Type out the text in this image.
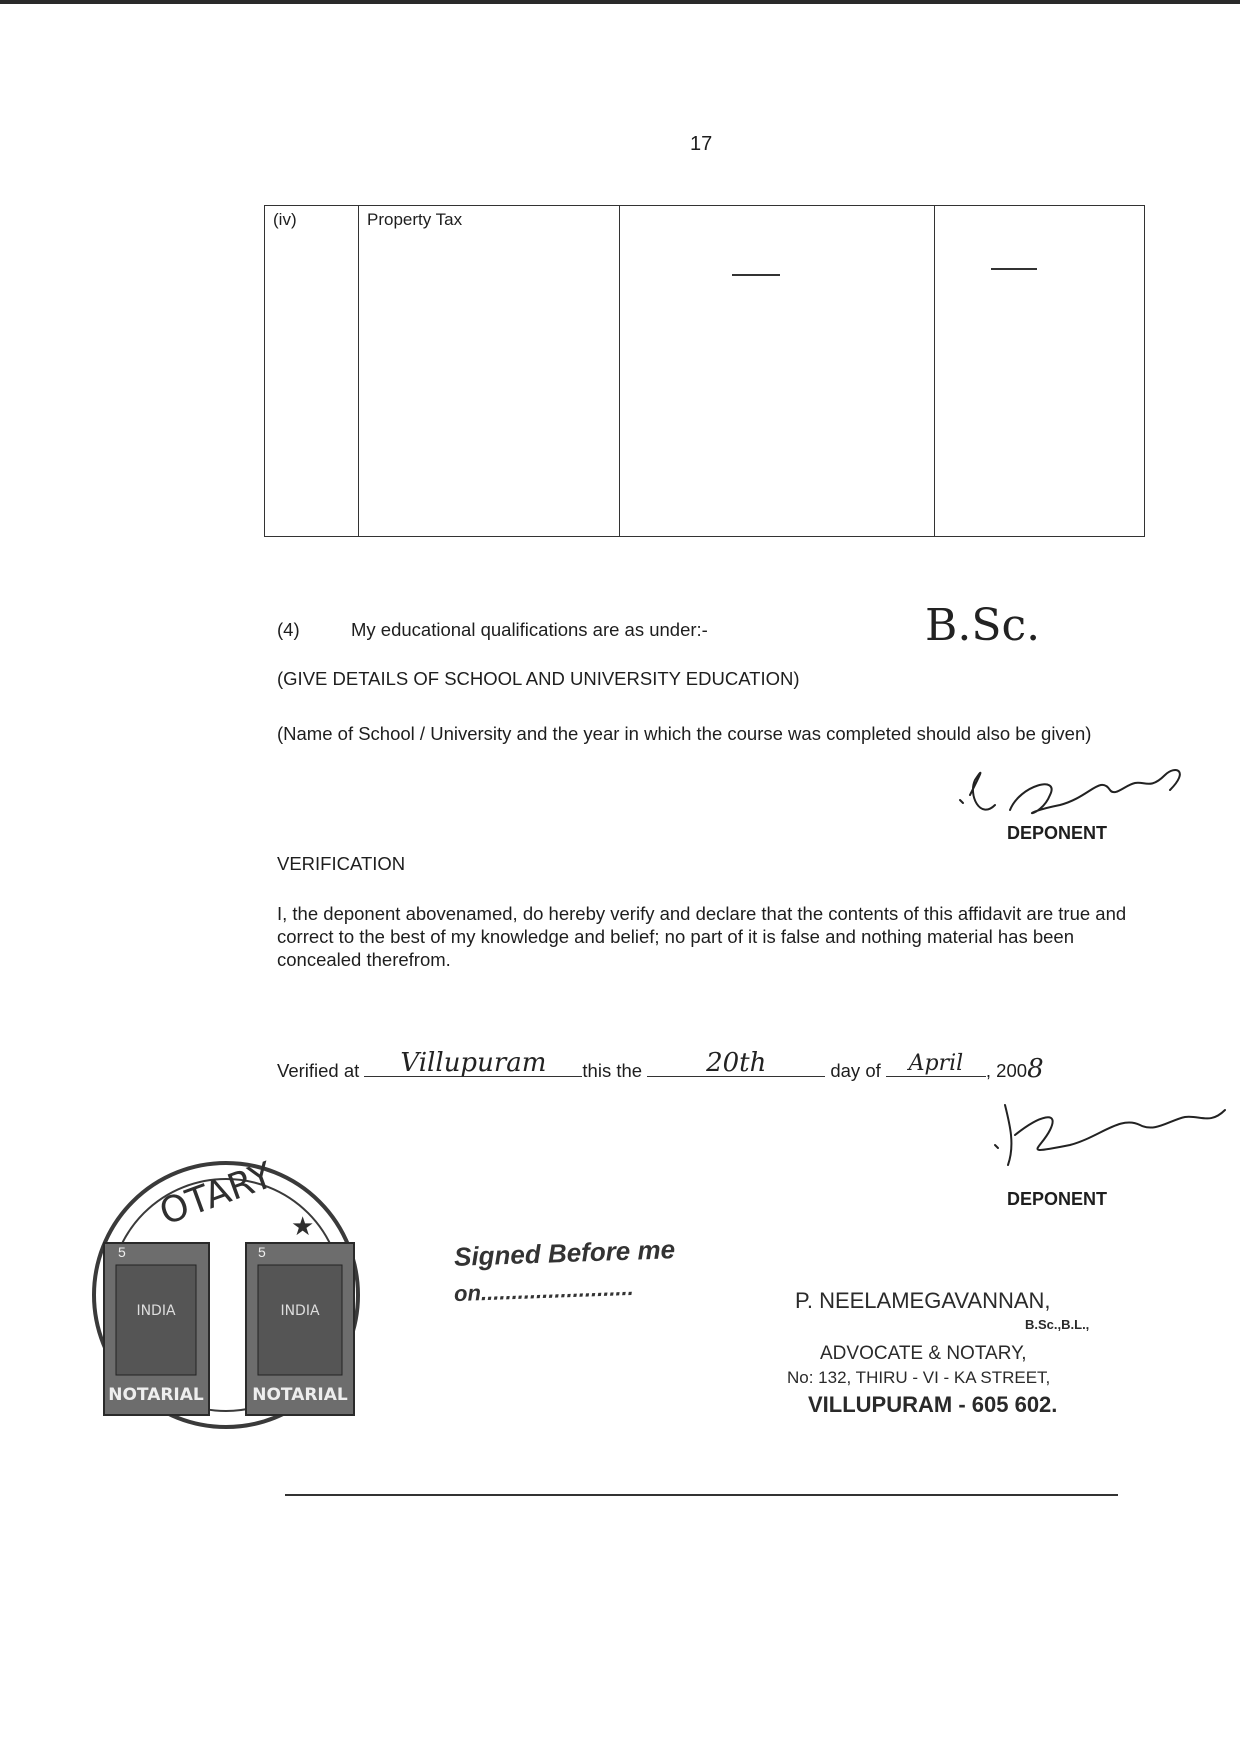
17
(iv)	Property Tax	

(4)	My educational qualifications are as under:-	B.Sc.
(GIVE DETAILS OF SCHOOL AND UNIVERSITY EDUCATION)
(Name of School / University and the year in which the course was completed should also be given)
DEPONENT
VERIFICATION
I, the deponent abovenamed, do hereby verify and declare that the contents of this affidavit are true and correct to the best of my knowledge and belief; no part of it is false and nothing material has been concealed therefrom.
Verified at	Villupuram	this the	20th	day of	April	, 2008
DEPONENT
OTARY ★
INDIA	INDIA
NOTARIAL	NOTARIAL
5	5	Signed Before me
on.........................	P. NEELAMEGAVANNAN,
B.Sc.,B.L.,
ADVOCATE & NOTARY,
No: 132, THIRU - VI - KA STREET,
VILLUPURAM - 605 602.
